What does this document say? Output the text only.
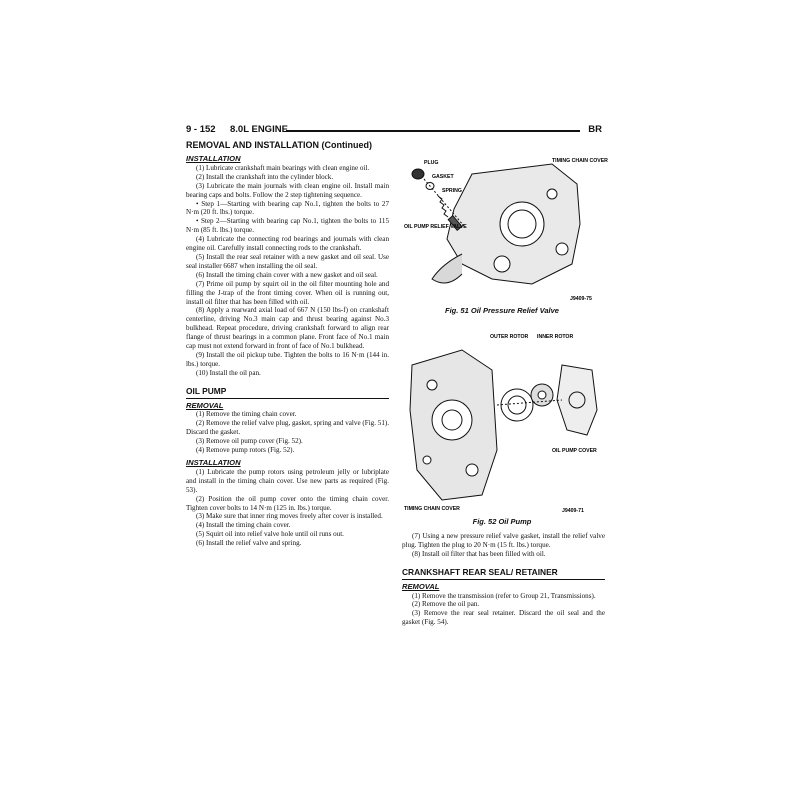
9 - 152 8.0L ENGINE	BR
REMOVAL AND INSTALLATION (Continued)
INSTALLATION

(1) Lubricate crankshaft main bearings with clean engine oil.

(2) Install the crankshaft into the cylinder block.

(3) Lubricate the main journals with clean engine oil. Install main bearing caps and bolts. Follow the 2 step tightening sequence.

• Step 1—Starting with bearing cap No.1, tighten the bolts to 27 N·m (20 ft. lbs.) torque.

• Step 2—Starting with bearing cap No.1, tighten the bolts to 115 N·m (85 ft. lbs.) torque.

(4) Lubricate the connecting rod bearings and journals with clean engine oil. Carefully install connecting rods to the crankshaft.

(5) Install the rear seal retainer with a new gasket and oil seal. Use seal installer 6687 when installing the oil seal.

(6) Install the timing chain cover with a new gasket and oil seal.

(7) Prime oil pump by squirt oil in the oil filter mounting hole and filling the J-trap of the front timing cover. When oil is running out, install oil filter that has been filled with oil.

(8) Apply a rearward axial load of 667 N (150 lbs-f) on crankshaft centerline, driving No.3 main cap and thrust bearing against No.3 bulkhead. Repeat procedure, driving crankshaft forward to align rear flange of thrust bearings in a common plane. Front face of No.1 main cap must not extend forward in front of face of No.1 bulkhead.

(9) Install the oil pickup tube. Tighten the bolts to 16 N·m (144 in. lbs.) torque.

(10) Install the oil pan.

OIL PUMP
REMOVAL

(1) Remove the timing chain cover.

(2) Remove the relief valve plug, gasket, spring and valve (Fig. 51). Discard the gasket.

(3) Remove oil pump cover (Fig. 52).

(4) Remove pump rotors (Fig. 52).

INSTALLATION

(1) Lubricate the pump rotors using petroleum jelly or lubriplate and install in the timing chain cover. Use new parts as required (Fig. 53).

(2) Position the oil pump cover onto the timing chain cover. Tighten cover bolts to 14 N·m (125 in. lbs.) torque.

(3) Make sure that inner ring moves freely after cover is installed.

(4) Install the timing chain cover.

(5) Squirt oil into relief valve hole until oil runs out.

(6) Install the relief valve and spring.

PLUG
GASKET
SPRING
OIL PUMP RELIEF VALVE
TIMING CHAIN COVER
J9409-75
Fig. 51 Oil Pressure Relief Valve
OUTER ROTOR INNER ROTOR
OIL PUMP COVER
TIMING CHAIN COVER	J9409-71
Fig. 52 Oil Pump

(7) Using a new pressure relief valve gasket, install the relief valve plug. Tighten the plug to 20 N·m (15 ft. lbs.) torque.

(8) Install oil filter that has been filled with oil.

CRANKSHAFT REAR SEAL/ RETAINER
REMOVAL

(1) Remove the transmission (refer to Group 21, Transmissions).

(2) Remove the oil pan.

(3) Remove the rear seal retainer. Discard the oil seal and the gasket (Fig. 54).
